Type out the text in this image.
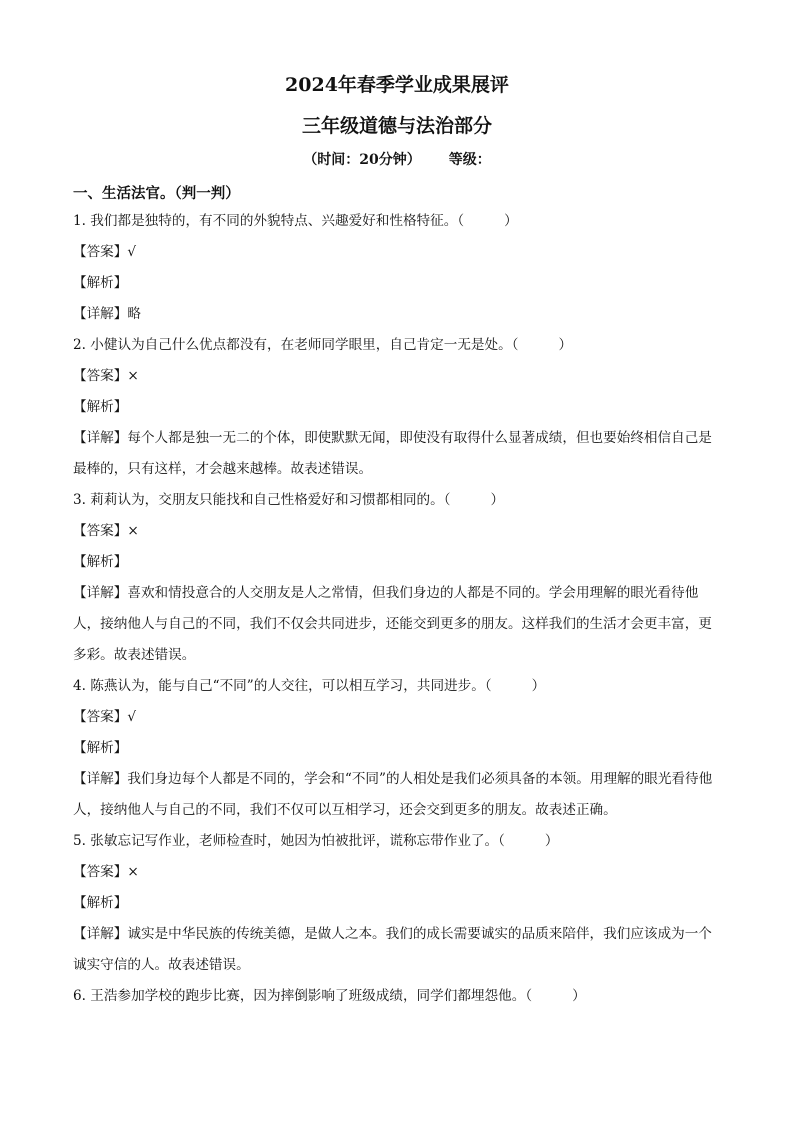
2024年春季学业成果展评
三年级道德与法治部分
（时间：20分钟） 等级：
一、生活法官。（判一判）
1. 我们都是独特的，有不同的外貌特点、兴趣爱好和性格特征。（	）
【答案】√
【解析】
【详解】略
2. 小健认为自己什么优点都没有，在老师同学眼里，自己肯定一无是处。（	）
【答案】×
【解析】
【详解】每个人都是独一无二的个体，即使默默无闻，即使没有取得什么显著成绩，但也要始终相信自己是最棒的，只有这样，才会越来越棒。故表述错误。
3. 莉莉认为，交朋友只能找和自己性格爱好和习惯都相同的。（	）
【答案】×
【解析】
【详解】喜欢和情投意合的人交朋友是人之常情，但我们身边的人都是不同的。学会用理解的眼光看待他人，接纳他人与自己的不同，我们不仅会共同进步，还能交到更多的朋友。这样我们的生活才会更丰富，更多彩。故表述错误。
4. 陈燕认为，能与自己“不同”的人交往，可以相互学习，共同进步。（	）
【答案】√
【解析】
【详解】我们身边每个人都是不同的，学会和“不同”的人相处是我们必须具备的本领。用理解的眼光看待他人，接纳他人与自己的不同，我们不仅可以互相学习，还会交到更多的朋友。故表述正确。
5. 张敏忘记写作业，老师检查时，她因为怕被批评，谎称忘带作业了。（	）
【答案】×
【解析】
【详解】诚实是中华民族的传统美德，是做人之本。我们的成长需要诚实的品质来陪伴，我们应该成为一个诚实守信的人。故表述错误。
6. 王浩参加学校的跑步比赛，因为摔倒影响了班级成绩，同学们都埋怨他。（	）
